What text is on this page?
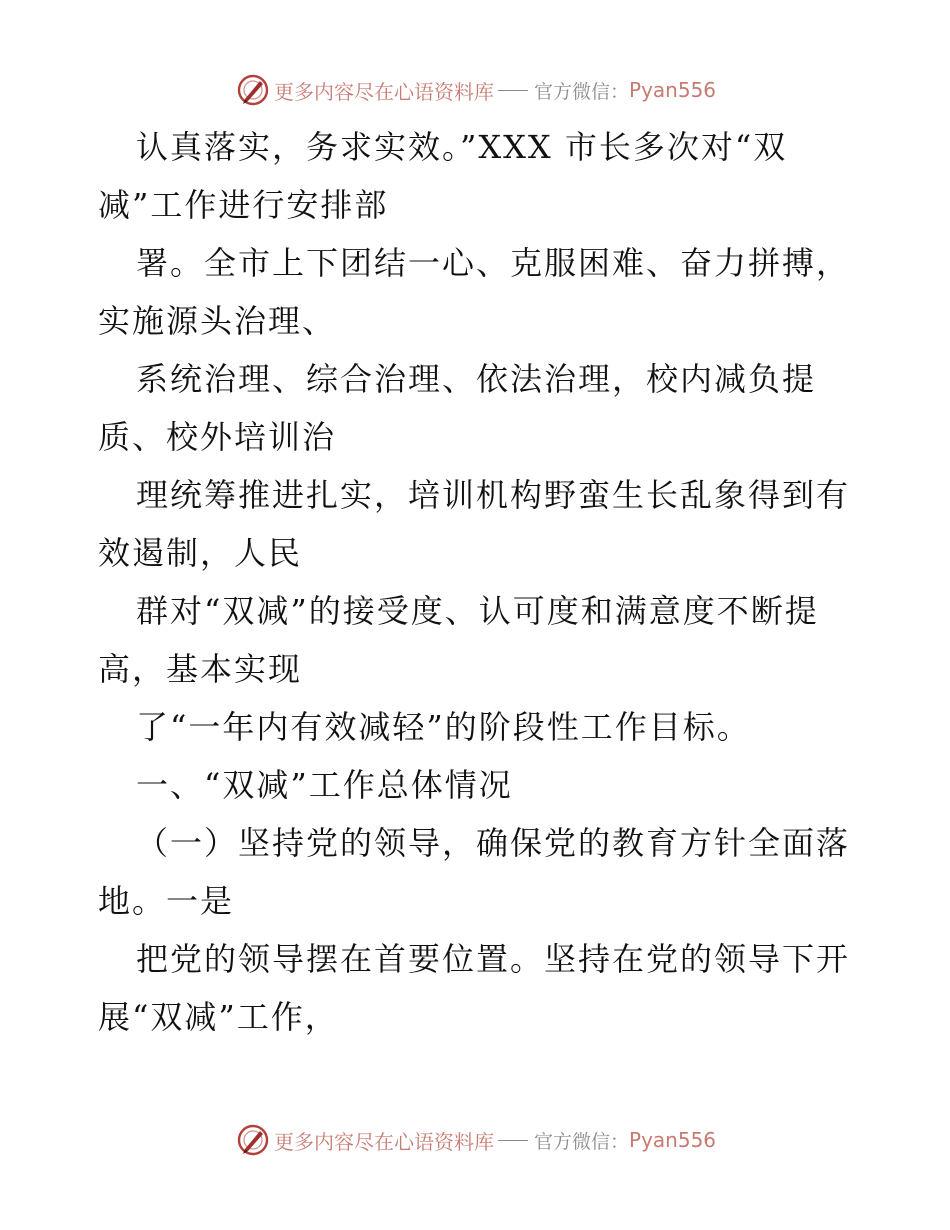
更多内容尽在心语资料库 官方微信： Pyan556
认真落实，务求实效。”XXX 市长多次对“双
减”工作进行安排部
署。全市上下团结一心、克服困难、奋力拼搏，
实施源头治理、
系统治理、综合治理、依法治理，校内减负提
质、校外培训治
理统筹推进扎实，培训机构野蛮生长乱象得到有
效遏制，人民
群对“双减”的接受度、认可度和满意度不断提
高，基本实现
了“一年内有效减轻”的阶段性工作目标。
一、“双减”工作总体情况
（一）坚持党的领导，确保党的教育方针全面落
地。一是
把党的领导摆在首要位置。坚持在党的领导下开
展“双减”工作，
更多内容尽在心语资料库 官方微信： Pyan556
